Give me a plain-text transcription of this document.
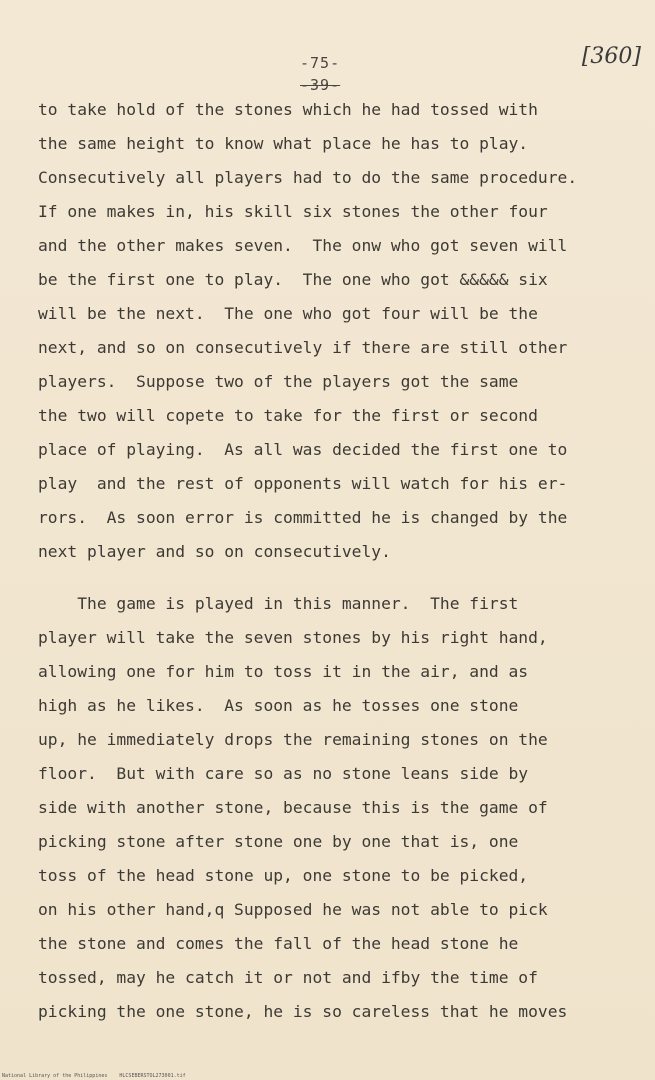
-75-
-39-
[360]
to take hold of the stones which he had tossed with
the same height to know what place he has to play.
Consecutively all players had to do the same procedure.
If one makes in, his skill six stones the other four
and the other makes seven.  The onw who got seven will
be the first one to play.  The one who got &&&&& six
will be the next.  The one who got four will be the
next, and so on consecutively if there are still other
players.  Suppose two of the players got the same
the two will copete to take for the first or second
place of playing.  As all was decided the first one to
play  and the rest of opponents will watch for his er-
rors.  As soon error is committed he is changed by the
next player and so on consecutively.
The game is played in this manner.  The first
player will take the seven stones by his right hand,
allowing one for him to toss it in the air, and as
high as he likes.  As soon as he tosses one stone
up, he immediately drops the remaining stones on the
floor.  But with care so as no stone leans side by
side with another stone, because this is the game of
picking stone after stone one by one that is, one
toss of the head stone up, one stone to be picked,
on his other hand,q Supposed he was not able to pick
the stone and comes the fall of the head stone he
tossed, may he catch it or not and ifby the time of
picking the one stone, he is so careless that he moves
National Library of the Philippines    HLCSEBERSTOL273001.tif
